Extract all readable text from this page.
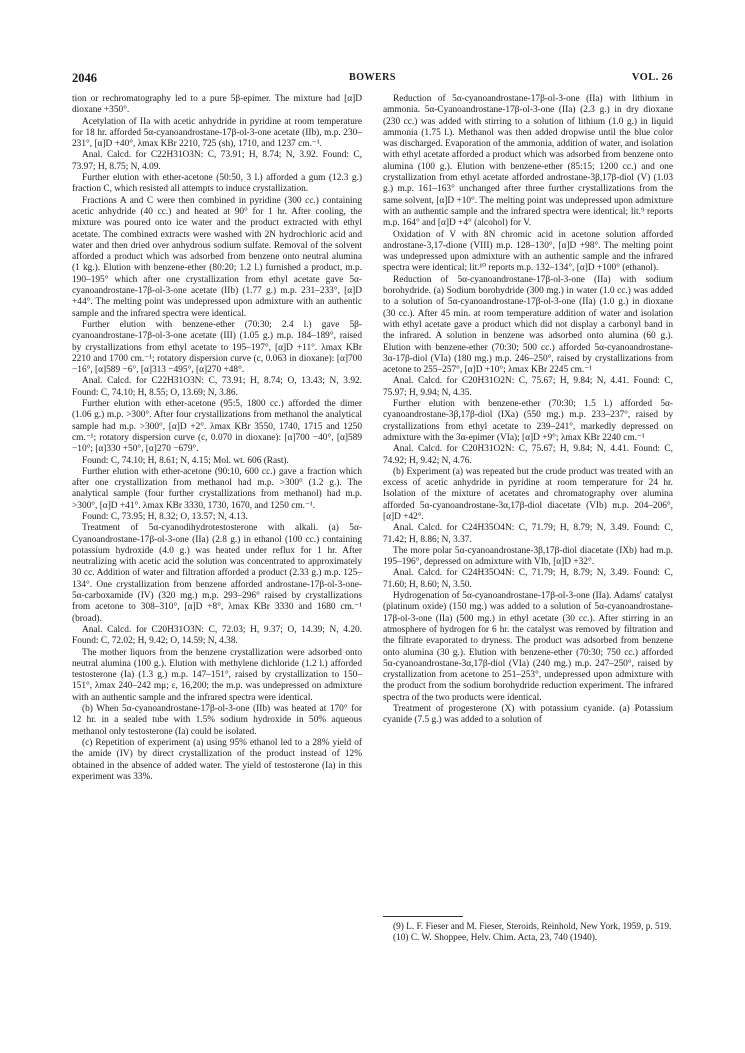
2046	BOWERS	VOL. 26

tion or rechromatography led to a pure 5β-epimer. The mixture had [α]D dioxane +350°.

Acetylation of IIa with acetic anhydride in pyridine at room temperature for 18 hr. afforded 5α-cyanoandrostane-17β-ol-3-one acetate (IIb), m.p. 230–231°, [α]D +40°, λmax KBr 2210, 725 (sh), 1710, and 1237 cm.⁻¹.

Anal. Calcd. for C22H31O3N: C, 73.91; H, 8.74; N, 3.92. Found: C, 73.97; H, 8.75; N, 4.09.

Further elution with ether-acetone (50:50, 3 l.) afforded a gum (12.3 g.) fraction C, which resisted all attempts to induce crystallization.

Fractions A and C were then combined in pyridine (300 cc.) containing acetic anhydride (40 cc.) and heated at 90° for 1 hr. After cooling, the mixture was poured onto ice water and the product extracted with ethyl acetate. The combined extracts were washed with 2N hydrochloric acid and water and then dried over anhydrous sodium sulfate. Removal of the solvent afforded a product which was adsorbed from benzene onto neutral alumina (1 kg.). Elution with benzene-ether (80:20; 1.2 l.) furnished a product, m.p. 190–195° which after one crystallization from ethyl acetate gave 5α-cyanoandrostane-17β-ol-3-one acetate (IIb) (1.77 g.) m.p. 231–233°, [α]D +44°. The melting point was undepressed upon admixture with an authentic sample and the infrared spectra were identical.

Further elution with benzene-ether (70:30; 2.4 l.) gave 5β-cyanoandrostane-17β-ol-3-one acetate (III) (1.05 g.) m.p. 184–189°, raised by crystallizations from ethyl acetate to 195–197°, [α]D +11°. λmax KBr 2210 and 1700 cm.⁻¹; rotatory dispersion curve (c, 0.063 in dioxane): [α]700 −16°, [α]589 −6°, [α]313 −495°, [α]270 +48°.

Anal. Calcd. for C22H31O3N: C, 73.91; H, 8.74; O, 13.43; N, 3.92. Found: C, 74.10; H, 8.55; O, 13.69; N, 3.86.

Further elution with ether-acetone (95:5, 1800 cc.) afforded the dimer (1.06 g.) m.p. >300°. After four crystallizations from methanol the analytical sample had m.p. >300°, [α]D +2°. λmax KBr 3550, 1740, 1715 and 1250 cm.⁻¹; rotatory dispersion curve (c, 0.070 in dioxane): [α]700 −40°, [α]589 −10°; [α]330 +50°, [α]270 −679°.

Found: C, 74.10; H, 8.61; N, 4.15; Mol. wt. 606 (Rast).

Further elution with ether-acetone (90:10, 600 cc.) gave a fraction which after one crystallization from methanol had m.p. >300° (1.2 g.). The analytical sample (four further crystallizations from methanol) had m.p. >300°, [α]D +41°. λmax KBr 3330, 1730, 1670, and 1250 cm.⁻¹.

Found: C, 73.95; H, 8.32; O, 13.57; N, 4.13.

Treatment of 5α-cyanodihydrotestosterone with alkali. (a) 5α-Cyanoandrostane-17β-ol-3-one (IIa) (2.8 g.) in ethanol (100 cc.) containing potassium hydroxide (4.0 g.) was heated under reflux for 1 hr. After neutralizing with acetic acid the solution was concentrated to approximately 30 cc. Addition of water and filtration afforded a product (2.33 g.) m.p. 125–134°. One crystallization from benzene afforded androstane-17β-ol-3-one-5α-carboxamide (IV) (320 mg.) m.p. 293–296° raised by crystallizations from acetone to 308–310°, [α]D +8°, λmax KBr 3330 and 1680 cm.⁻¹ (broad).

Anal. Calcd. for C20H31O3N: C, 72.03; H, 9.37; O, 14.39; N, 4.20. Found: C, 72.02; H, 9.42; O, 14.59; N, 4.38.

The mother liquors from the benzene crystallization were adsorbed onto neutral alumina (100 g.). Elution with methylene dichloride (1.2 l.) afforded testosterone (Ia) (1.3 g.) m.p. 147–151°, raised by crystallization to 150–151°, λmax 240–242 mμ; ε, 16,200; the m.p. was undepressed on admixture with an authentic sample and the infrared spectra were identical.

(b) When 5α-cyanoandrostane-17β-ol-3-one (IIb) was heated at 170° for 12 hr. in a sealed tube with 1.5% sodium hydroxide in 50% aqueous methanol only testosterone (Ia) could be isolated.

(c) Repetition of experiment (a) using 95% ethanol led to a 28% yield of the amide (IV) by direct crystallization of the product instead of 12% obtained in the absence of added water. The yield of testosterone (Ia) in this experiment was 33%.

Reduction of 5α-cyanoandrostane-17β-ol-3-one (IIa) with lithium in ammonia. 5α-Cyanoandrostane-17β-ol-3-one (IIa) (2.3 g.) in dry dioxane (230 cc.) was added with stirring to a solution of lithium (1.0 g.) in liquid ammonia (1.75 l.). Methanol was then added dropwise until the blue color was discharged. Evaporation of the ammonia, addition of water, and isolation with ethyl acetate afforded a product which was adsorbed from benzene onto alumina (100 g.). Elution with benzene-ether (85:15; 1200 cc.) and one crystallization from ethyl acetate afforded androstane-3β,17β-diol (V) (1.03 g.) m.p. 161–163° unchanged after three further crystallizations from the same solvent, [α]D +10°. The melting point was undepressed upon admixture with an authentic sample and the infrared spectra were identical; lit.⁹ reports m.p. 164° and [α]D +4° (alcohol) for V.

Oxidation of V with 8N chromic acid in acetone solution afforded androstane-3,17-dione (VIII) m.p. 128–130°, [α]D +98°. The melting point was undepressed upon admixture with an authentic sample and the infrared spectra were identical; lit.¹⁰ reports m.p. 132–134°, [α]D +100° (ethanol).

Reduction of 5α-cyanoandrostane-17β-ol-3-one (IIa) with sodium borohydride. (a) Sodium borohydride (300 mg.) in water (1.0 cc.) was added to a solution of 5α-cyanoandrostane-17β-ol-3-one (IIa) (1.0 g.) in dioxane (30 cc.). After 45 min. at room temperature addition of water and isolation with ethyl acetate gave a product which did not display a carbonyl band in the infrared. A solution in benzene was adsorbed onto alumina (60 g.). Elution with benzene-ether (70:30; 500 cc.) afforded 5α-cyanoandrostane-3α-17β-diol (VIa) (180 mg.) m.p. 246–250°, raised by crystallizations from acetone to 255–257°, [α]D +10°; λmax KBr 2245 cm.⁻¹

Anal. Calcd. for C20H31O2N: C, 75.67; H, 9.84; N, 4.41. Found: C, 75.97; H, 9.94; N, 4.35.

Further elution with benzene-ether (70:30; 1.5 l.) afforded 5α-cyanoandrostane-3β,17β-diol (IXa) (550 mg.) m.p. 233–237°, raised by crystallizations from ethyl acetate to 239–241°, markedly depressed on admixture with the 3α-epimer (VIa); [α]D +9°; λmax KBr 2240 cm.⁻¹

Anal. Calcd. for C20H31O2N: C, 75.67; H, 9.84; N, 4.41. Found: C, 74.92; H, 9.42; N, 4.76.

(b) Experiment (a) was repeated but the crude product was treated with an excess of acetic anhydride in pyridine at room temperature for 24 hr. Isolation of the mixture of acetates and chromatography over alumina afforded 5α-cyanoandrostane-3α,17β-diol diacetate (VIb) m.p. 204–206°, [α]D +42°.

Anal. Calcd. for C24H35O4N: C, 71.79; H, 8.79; N, 3.49. Found: C, 71.42; H, 8.86; N, 3.37.

The more polar 5α-cyanoandrostane-3β,17β-diol diacetate (IXb) had m.p. 195–196°, depressed on admixture with VIb, [α]D +32°.

Anal. Calcd. for C24H35O4N: C, 71.79; H, 8.79; N, 3.49. Found: C, 71.60; H, 8.60; N, 3.50.

Hydrogenation of 5α-cyanoandrostane-17β-ol-3-one (IIa). Adams' catalyst (platinum oxide) (150 mg.) was added to a solution of 5α-cyanoandrostane-17β-ol-3-one (IIa) (500 mg.) in ethyl acetate (30 cc.). After stirring in an atmosphere of hydrogen for 6 hr. the catalyst was removed by filtration and the filtrate evaporated to dryness. The product was adsorbed from benzene onto alumina (30 g.). Elution with benzene-ether (70:30; 750 cc.) afforded 5α-cyanoandrostane-3α,17β-diol (VIa) (240 mg.) m.p. 247–250°, raised by crystallization from acetone to 251–253°, undepressed upon admixture with the product from the sodium borohydride reduction experiment. The infrared spectra of the two products were identical.

Treatment of progesterone (X) with potassium cyanide. (a) Potassium cyanide (7.5 g.) was added to a solution of

(9) L. F. Fieser and M. Fieser, Steroids, Reinhold, New York, 1959, p. 519.
(10) C. W. Shoppee, Helv. Chim. Acta, 23, 740 (1940).
